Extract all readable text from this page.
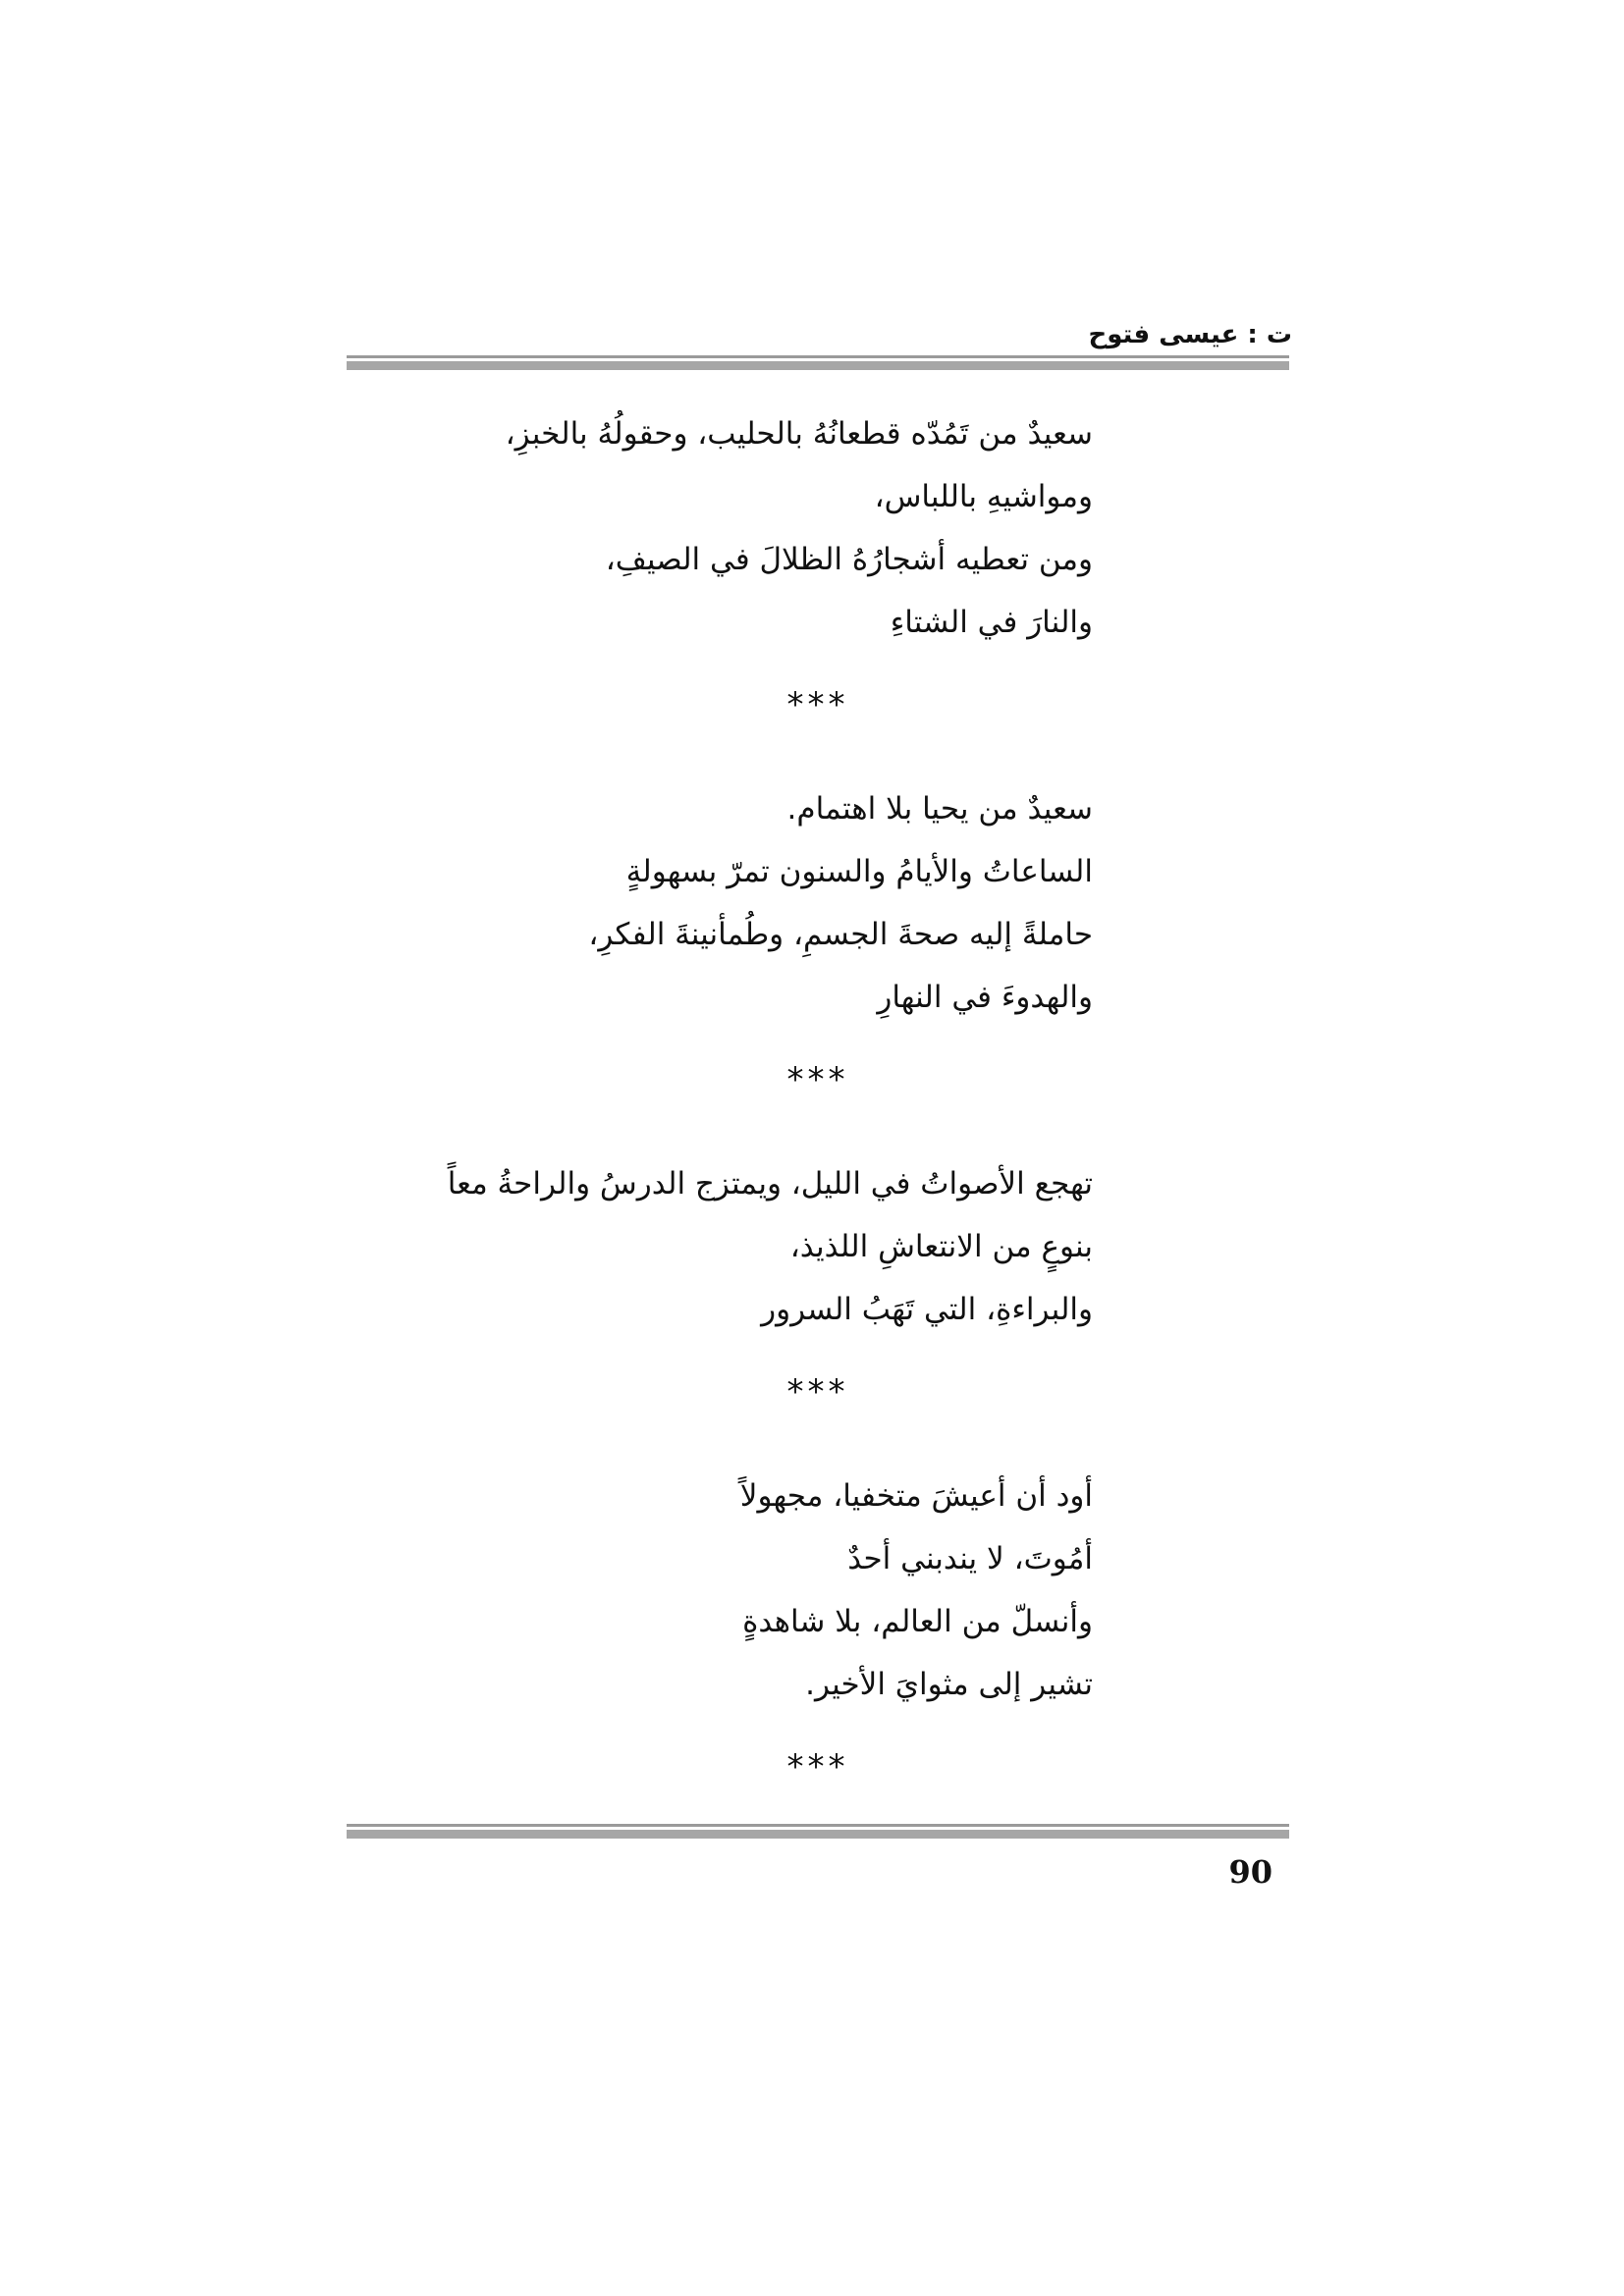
ت : عيسى فتوح
سعيدٌ من تَمُدّه قطعانُهُ بالحليب، وحقولُهُ بالخبزِ،
ومواشيهِ باللباس،
ومن تعطيه أشجارُهُ الظلالَ في الصيفِ،
والنارَ في الشتاءِ
***
سعيدٌ من يحيا بلا اهتمام.
الساعاتُ والأيامُ والسنون تمرّ بسهولةٍ
حاملةً إليه صحةَ الجسمِ، وطُمأنينةَ الفكرِ،
والهدوءَ في النهارِ
***
تهجع الأصواتُ في الليل، ويمتزج الدرسُ والراحةُ معاً
بنوعٍ من الانتعاشِ اللذيذ،
والبراءةِ، التي تَهَبُ السرور
***
أود أن أعيشَ متخفيا، مجهولاً
أمُوتَ، لا يندبني أحدٌ
وأنسلّ من العالم، بلا شاهدةٍ
تشير إلى مثوايَ الأخير.
***
90
